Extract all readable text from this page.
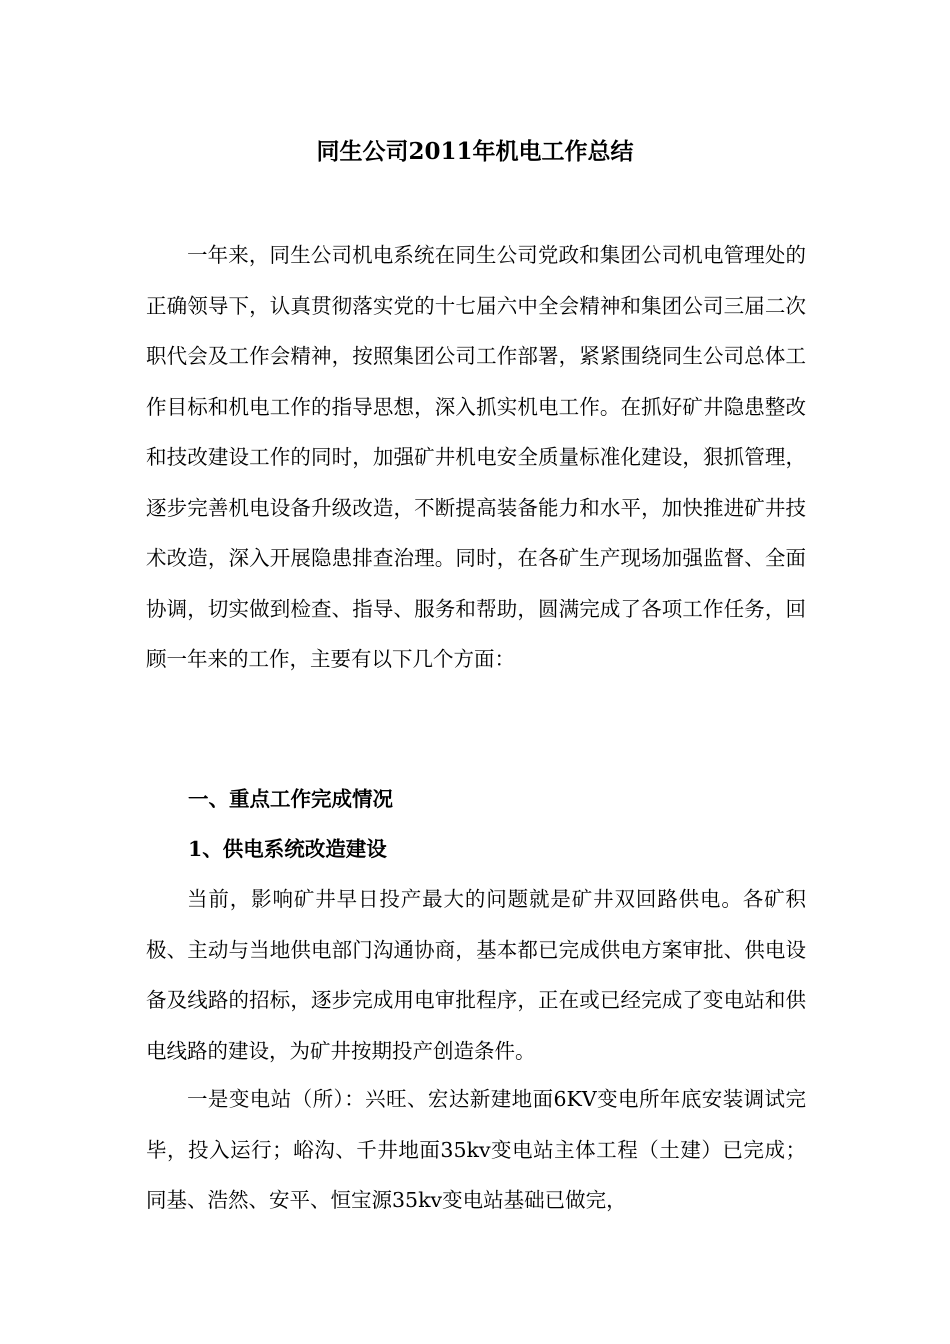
同生公司2011年机电工作总结

一年来，同生公司机电系统在同生公司党政和集团公司机电管理处的正确领导下，认真贯彻落实党的十七届六中全会精神和集团公司三届二次职代会及工作会精神，按照集团公司工作部署，紧紧围绕同生公司总体工作目标和机电工作的指导思想，深入抓实机电工作。在抓好矿井隐患整改和技改建设工作的同时，加强矿井机电安全质量标准化建设，狠抓管理，逐步完善机电设备升级改造，不断提高装备能力和水平，加快推进矿井技术改造，深入开展隐患排查治理。同时，在各矿生产现场加强监督、全面协调，切实做到检查、指导、服务和帮助，圆满完成了各项工作任务，回顾一年来的工作，主要有以下几个方面：

一、重点工作完成情况

1、供电系统改造建设

当前，影响矿井早日投产最大的问题就是矿井双回路供电。各矿积极、主动与当地供电部门沟通协商，基本都已完成供电方案审批、供电设备及线路的招标，逐步完成用电审批程序，正在或已经完成了变电站和供电线路的建设，为矿井按期投产创造条件。

一是变电站（所）：兴旺、宏达新建地面6KV变电所年底安装调试完毕，投入运行；峪沟、千井地面35kv变电站主体工程（土建）已完成；同基、浩然、安平、恒宝源35kv变电站基础已做完，
